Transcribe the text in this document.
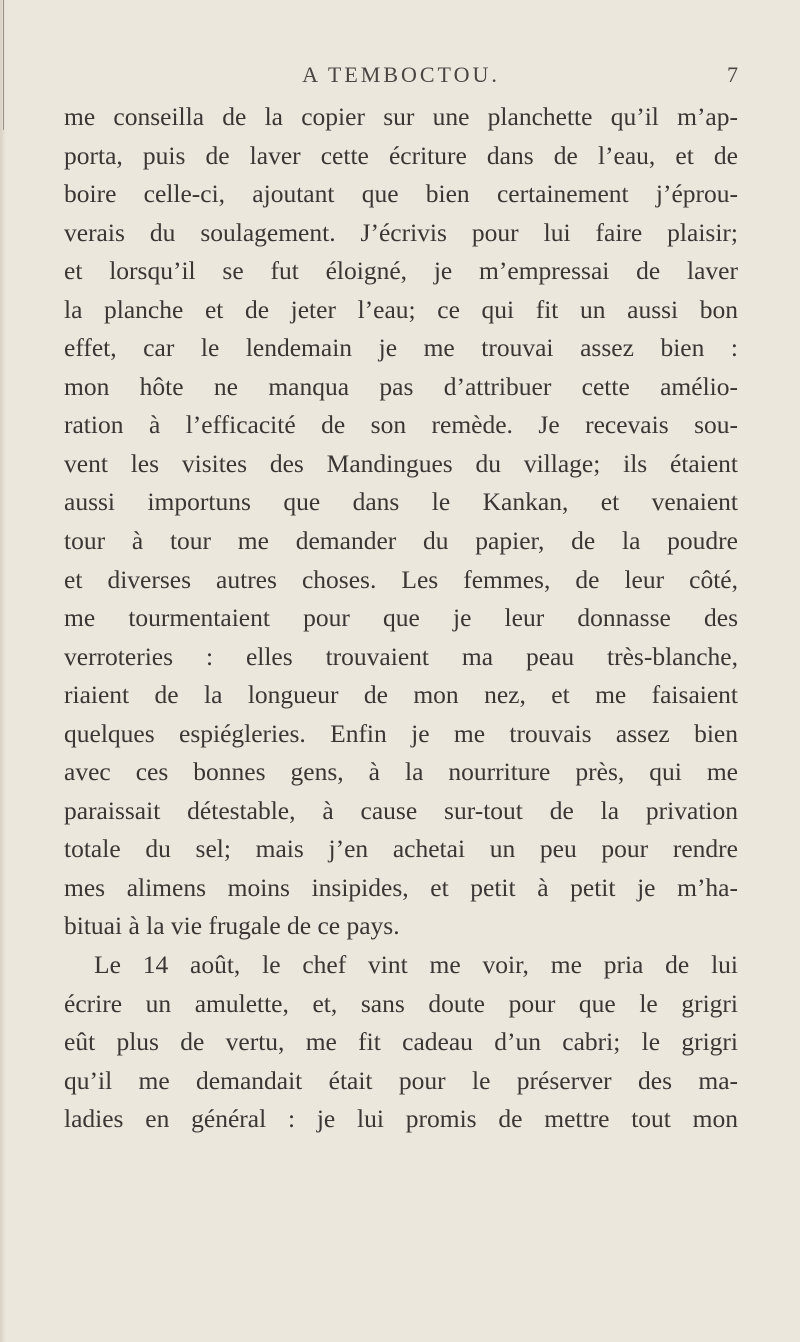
A TEMBOCTOU.	7
me conseilla de la copier sur une planchette qu’il m’ap-
porta, puis de laver cette écriture dans de l’eau, et de
boire celle-ci, ajoutant que bien certainement j’éprou-
verais du soulagement. J’écrivis pour lui faire plaisir;
et lorsqu’il se fut éloigné, je m’empressai de laver
la planche et de jeter l’eau; ce qui fit un aussi bon
effet, car le lendemain je me trouvai assez bien :
mon hôte ne manqua pas d’attribuer cette amélio-
ration à l’efficacité de son remède. Je recevais sou-
vent les visites des Mandingues du village; ils étaient
aussi importuns que dans le Kankan, et venaient
tour à tour me demander du papier, de la poudre
et diverses autres choses. Les femmes, de leur côté,
me tourmentaient pour que je leur donnasse des
verroteries : elles trouvaient ma peau très-blanche,
riaient de la longueur de mon nez, et me faisaient
quelques espiégleries. Enfin je me trouvais assez bien
avec ces bonnes gens, à la nourriture près, qui me
paraissait détestable, à cause sur-tout de la privation
totale du sel; mais j’en achetai un peu pour rendre
mes alimens moins insipides, et petit à petit je m’ha-
bituai à la vie frugale de ce pays.
Le 14 août, le chef vint me voir, me pria de lui
écrire un amulette, et, sans doute pour que le grigri
eût plus de vertu, me fit cadeau d’un cabri; le grigri
qu’il me demandait était pour le préserver des ma-
ladies en général : je lui promis de mettre tout mon
